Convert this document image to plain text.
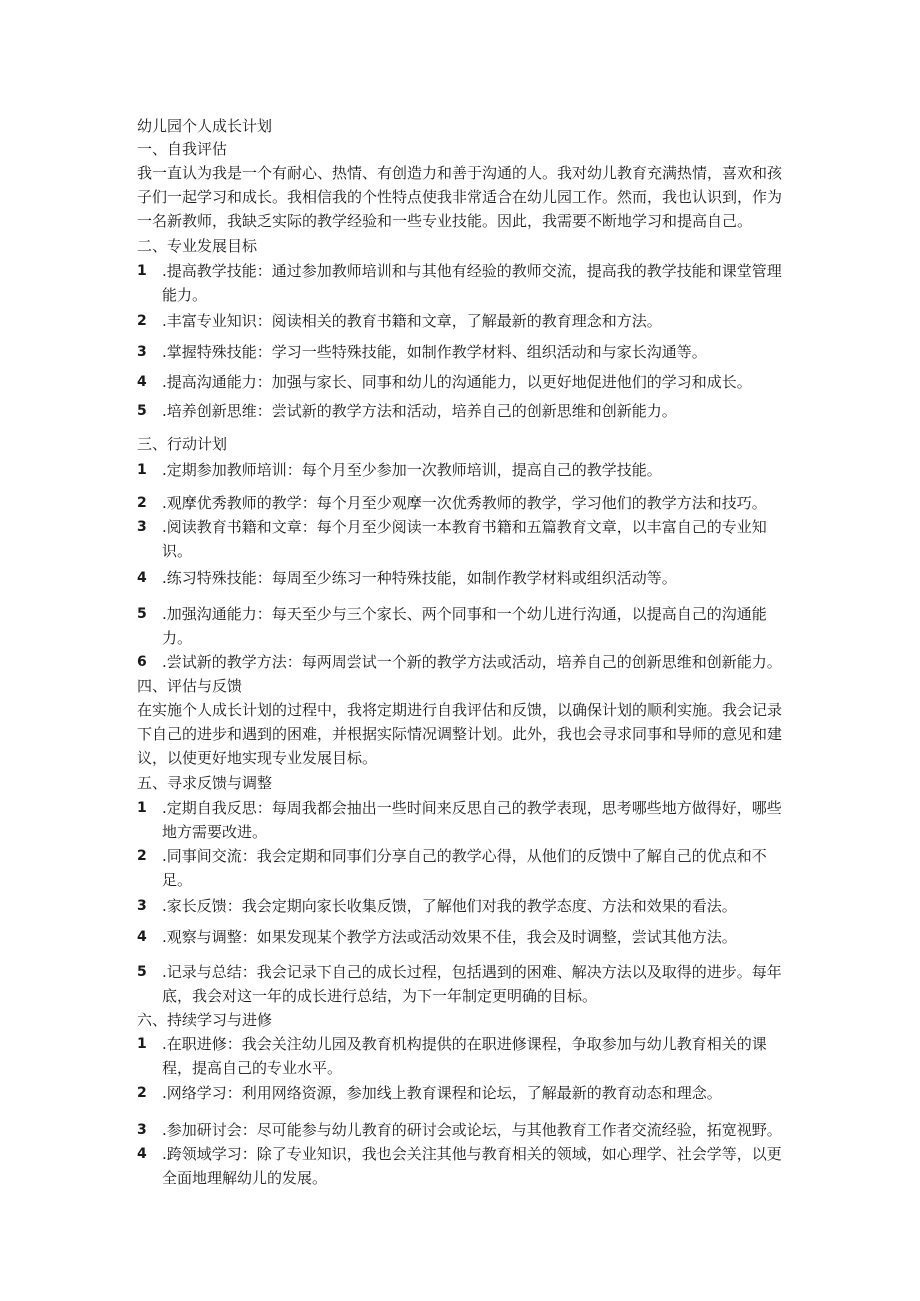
幼儿园个人成长计划

一、自我评估

我一直认为我是一个有耐心、热情、有创造力和善于沟通的人。我对幼儿教育充满热情，喜欢和孩子们一起学习和成长。我相信我的个性特点使我非常适合在幼儿园工作。然而，我也认识到，作为一名新教师，我缺乏实际的教学经验和一些专业技能。因此，我需要不断地学习和提高自己。

二、专业发展目标

1 .提高教学技能：通过参加教师培训和与其他有经验的教师交流，提高我的教学技能和课堂管理能力。
2 .丰富专业知识：阅读相关的教育书籍和文章，了解最新的教育理念和方法。
3 .掌握特殊技能：学习一些特殊技能，如制作教学材料、组织活动和与家长沟通等。
4 .提高沟通能力：加强与家长、同事和幼儿的沟通能力，以更好地促进他们的学习和成长。
5 .培养创新思维：尝试新的教学方法和活动，培养自己的创新思维和创新能力。

三、行动计划

1 .定期参加教师培训：每个月至少参加一次教师培训，提高自己的教学技能。
2 .观摩优秀教师的教学：每个月至少观摩一次优秀教师的教学，学习他们的教学方法和技巧。
3 .阅读教育书籍和文章：每个月至少阅读一本教育书籍和五篇教育文章，以丰富自己的专业知识。
4 .练习特殊技能：每周至少练习一种特殊技能，如制作教学材料或组织活动等。
5 .加强沟通能力：每天至少与三个家长、两个同事和一个幼儿进行沟通，以提高自己的沟通能力。
6 .尝试新的教学方法：每两周尝试一个新的教学方法或活动，培养自己的创新思维和创新能力。

四、评估与反馈

在实施个人成长计划的过程中，我将定期进行自我评估和反馈，以确保计划的顺利实施。我会记录下自己的进步和遇到的困难，并根据实际情况调整计划。此外，我也会寻求同事和导师的意见和建议，以使更好地实现专业发展目标。

五、寻求反馈与调整

1 .定期自我反思：每周我都会抽出一些时间来反思自己的教学表现，思考哪些地方做得好，哪些地方需要改进。
2 .同事间交流：我会定期和同事们分享自己的教学心得，从他们的反馈中了解自己的优点和不足。
3 .家长反馈：我会定期向家长收集反馈，了解他们对我的教学态度、方法和效果的看法。
4 .观察与调整：如果发现某个教学方法或活动效果不佳，我会及时调整，尝试其他方法。
5 .记录与总结：我会记录下自己的成长过程，包括遇到的困难、解决方法以及取得的进步。每年底，我会对这一年的成长进行总结，为下一年制定更明确的目标。

六、持续学习与进修

1 .在职进修：我会关注幼儿园及教育机构提供的在职进修课程，争取参加与幼儿教育相关的课程，提高自己的专业水平。
2 .网络学习：利用网络资源，参加线上教育课程和论坛，了解最新的教育动态和理念。
3 .参加研讨会：尽可能参与幼儿教育的研讨会或论坛，与其他教育工作者交流经验，拓宽视野。
4 .跨领域学习：除了专业知识，我也会关注其他与教育相关的领域，如心理学、社会学等，以更全面地理解幼儿的发展。
